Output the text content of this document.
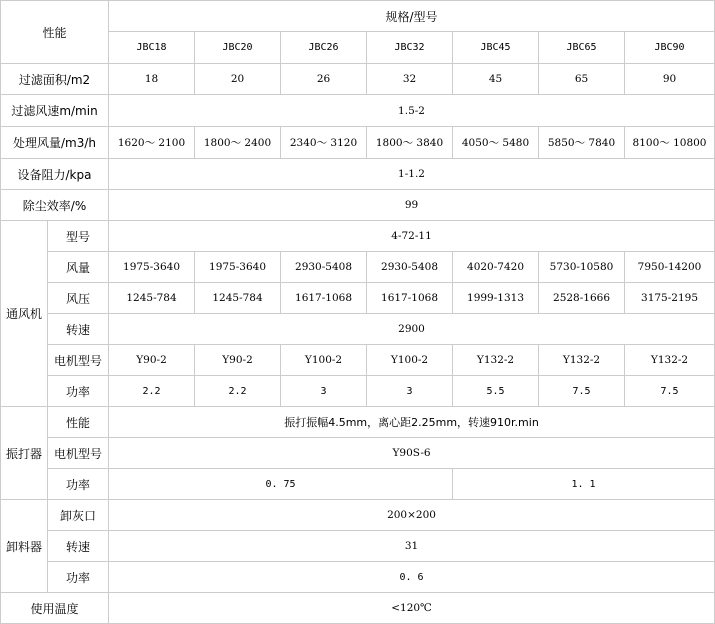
性能		规格/型号						
		JBC18	JBC20	JBC26	JBC32	JBC45	JBC65	JBC90
过滤面积/m2		18	20	26	32	45	65	90
过滤风速m/min		1.5-2						
处理风量/m3/h		1620～ 2100	1800～ 2400	2340～ 3120	1800～ 3840	4050～ 5480	5850～ 7840	8100～ 10800
设备阻力/kpa		1-1.2						
除尘效率/%		99						
通风机	型号	4-72-11						
	风量	1975-3640	1975-3640	2930-5408	2930-5408	4020-7420	5730-10580	7950-14200
	风压	1245-784	1245-784	1617-1068	1617-1068	1999-1313	2528-1666	3175-2195
	转速	2900						
	电机型号	Y90-2	Y90-2	Y100-2	Y100-2	Y132-2	Y132-2	Y132-2
	功率	2.2	2.2	3	3	5.5	7.5	7.5
振打器	性能	振打振幅4.5mm，离心距2.25mm，转速910r.min						
	电机型号	Y90S-6						
	功率	0. 75				1. 1		
卸料器	卸灰口	200×200						
	转速	31						
	功率	0. 6						
使用温度		<120℃						
